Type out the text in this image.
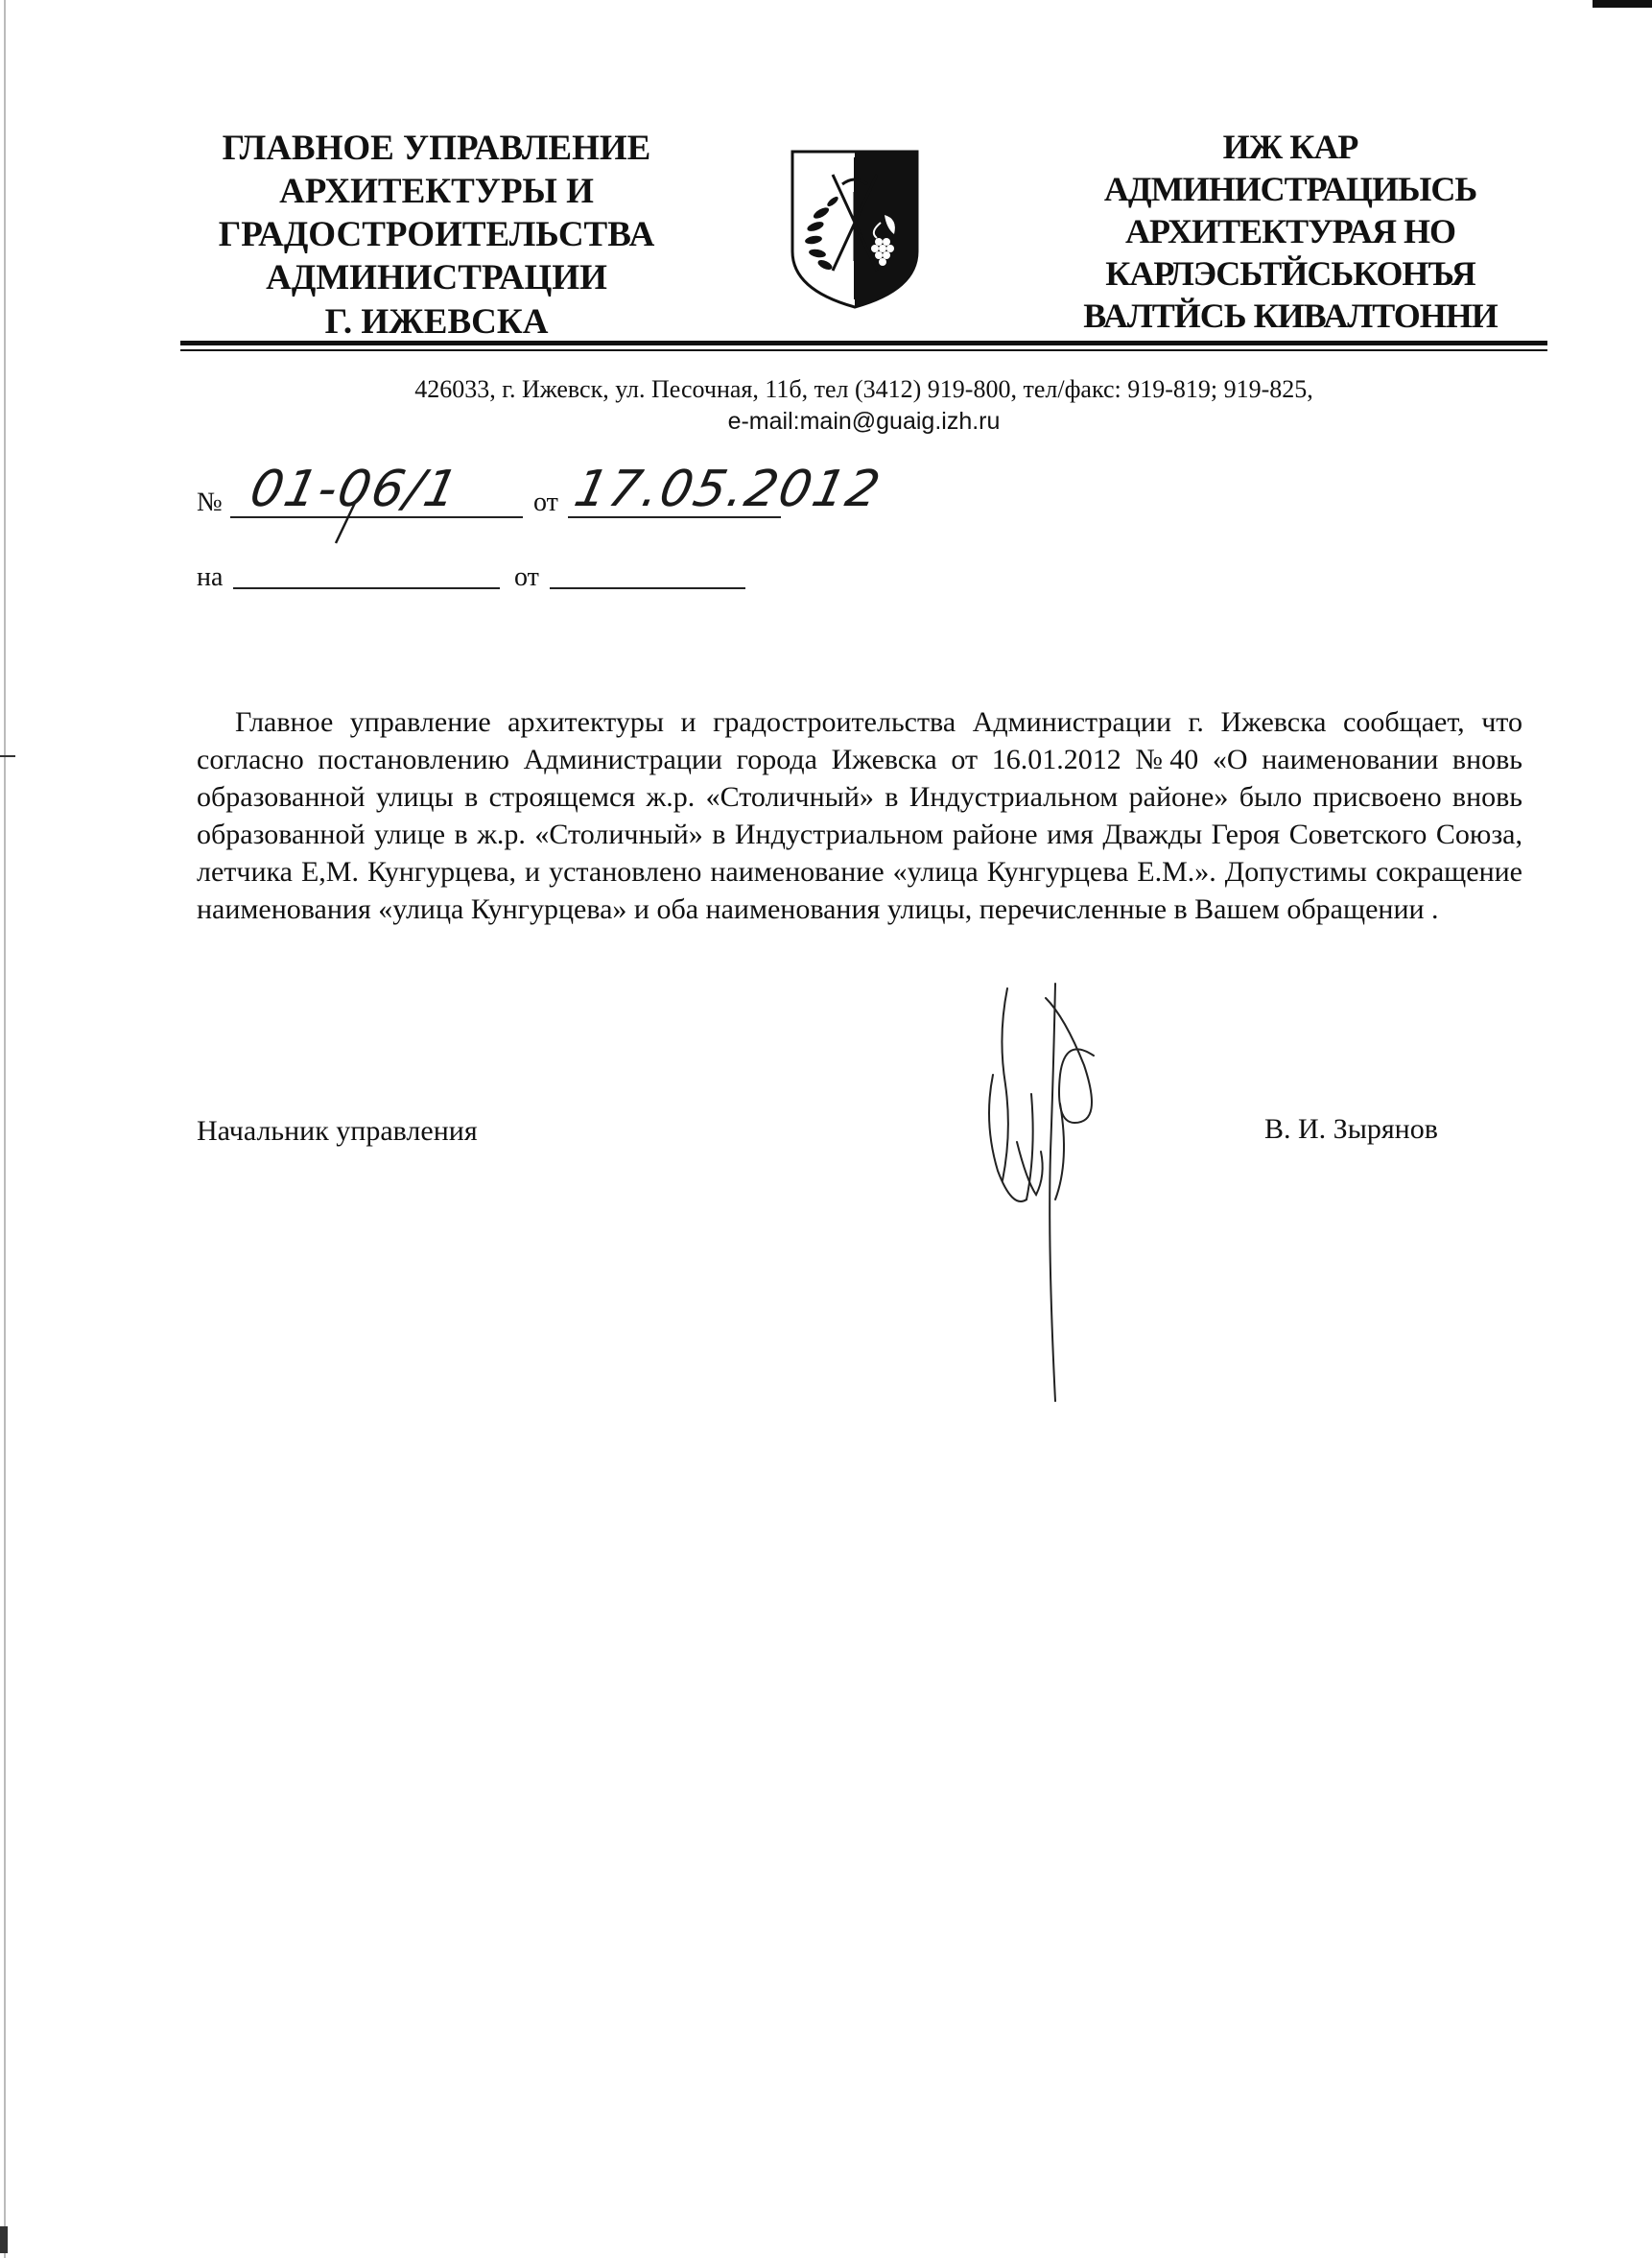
ГЛАВНОЕ УПРАВЛЕНИЕ
АРХИТЕКТУРЫ И
ГРАДОСТРОИТЕЛЬСТВА
АДМИНИСТРАЦИИ
Г. ИЖЕВСКА
ИЖ КАР
АДМИНИСТРАЦИЫСЬ
АРХИТЕКТУРАЯ НО
КАРЛЭСЬТЙСЬКОНЪЯ
ВАЛТЙСЬ КИВАЛТОННИ
426033, г. Ижевск, ул. Песочная, 11б, тел (3412) 919-800, тел/факс: 919-819; 919-825,
e-mail:main@guaig.izh.ru
№ 01-06/1	от 17.05.2012
на	от

Главное управление архитектуры и градостроительства Администрации г. Ижевска сообщает, что согласно постановлению Администрации города Ижевска от 16.01.2012 №40 «О наименовании вновь образованной улицы в строящемся ж.р. «Столичный» в Индустриальном районе» было присвоено вновь образованной улице в ж.р. «Столичный» в Индустриальном районе имя Дважды Героя Советского Союза, летчика Е,М. Кунгурцева, и установлено наименование «улица Кунгурцева Е.М.». Допустимы сокращение наименования «улица Кунгурцева» и оба наименования улицы, перечисленные в Вашем обращении .

Начальник управления	В. И. Зырянов
